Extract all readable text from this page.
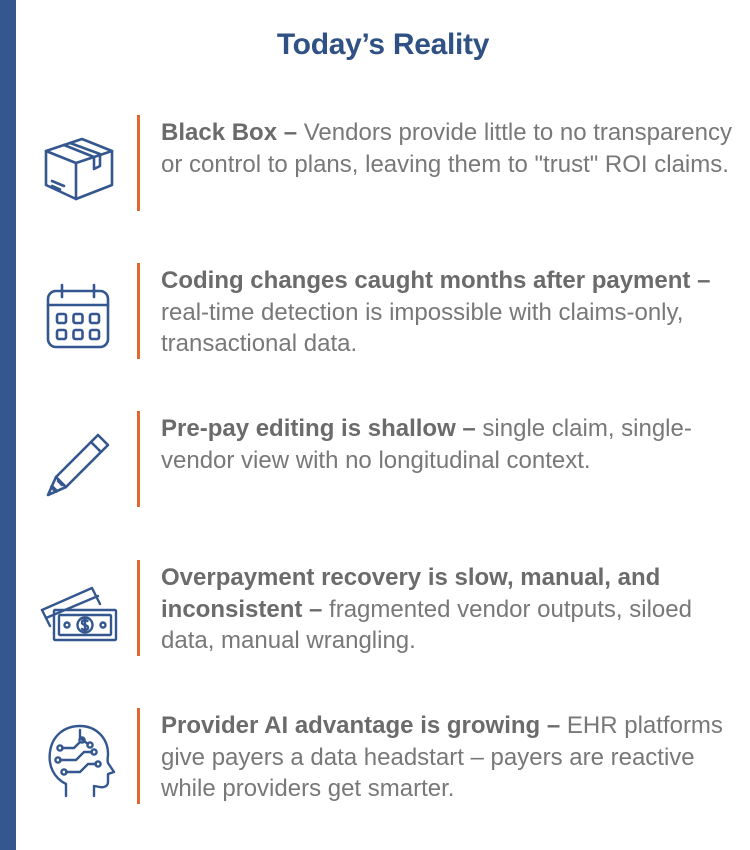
Today’s Reality

Black Box – Vendors provide little to no transparency or control to plans, leaving them to "trust" ROI claims.

Coding changes caught months after payment – real-time detection is impossible with claims-only, transactional data.

Pre-pay editing is shallow – single claim, single-vendor view with no longitudinal context.

Overpayment recovery is slow, manual, and inconsistent – fragmented vendor outputs, siloed data, manual wrangling.

Provider AI advantage is growing – EHR platforms give payers a data headstart – payers are reactive while providers get smarter.
